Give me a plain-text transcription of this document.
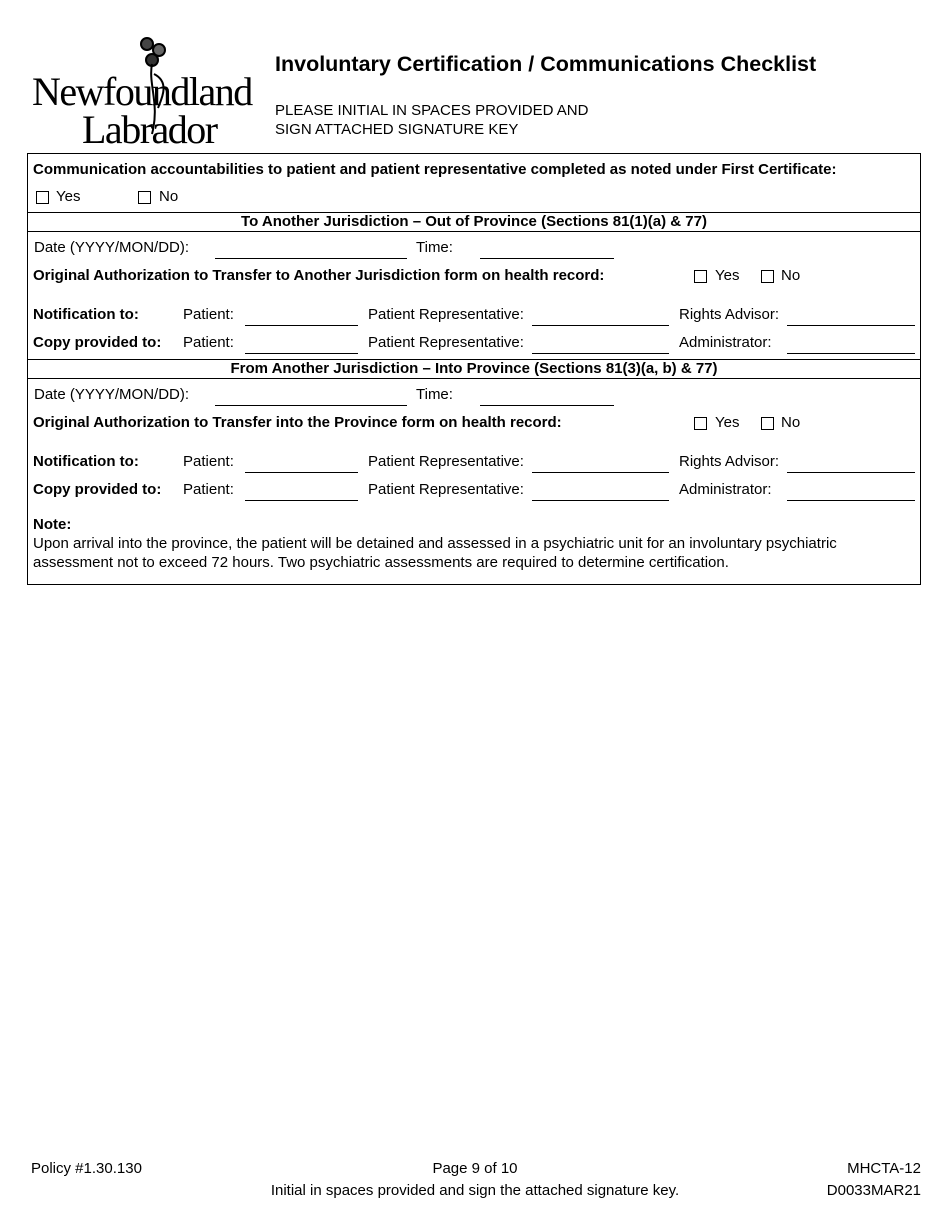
Newfoundland
Labrador
Involuntary Certification / Communications Checklist
PLEASE INITIAL IN SPACES PROVIDED AND
SIGN ATTACHED SIGNATURE KEY
Communication accountabilities to patient and patient representative completed as noted under First Certificate:
Yes	No
To Another Jurisdiction – Out of Province (Sections 81(1)(a) & 77)
Date (YYYY/MON/DD):	Time:
Original Authorization to Transfer to Another Jurisdiction form on health record:	Yes	No
Notification to:	Patient:	Patient Representative:	Rights Advisor:
Copy provided to: Patient:	Patient Representative:	Administrator:
From Another Jurisdiction – Into Province (Sections 81(3)(a, b) & 77)
Date (YYYY/MON/DD):	Time:
Original Authorization to Transfer into the Province form on health record:	Yes	No
Notification to:	Patient:	Patient Representative:	Rights Advisor:
Copy provided to: Patient:	Patient Representative:	Administrator:
Note:
Upon arrival into the province, the patient will be detained and assessed in a psychiatric unit for an involuntary psychiatric
assessment not to exceed 72 hours. Two psychiatric assessments are required to determine certification.
Policy #1.30.130	Page 9 of 10	MHCTA-12
Initial in spaces provided and sign the attached signature key.	D0033MAR21
